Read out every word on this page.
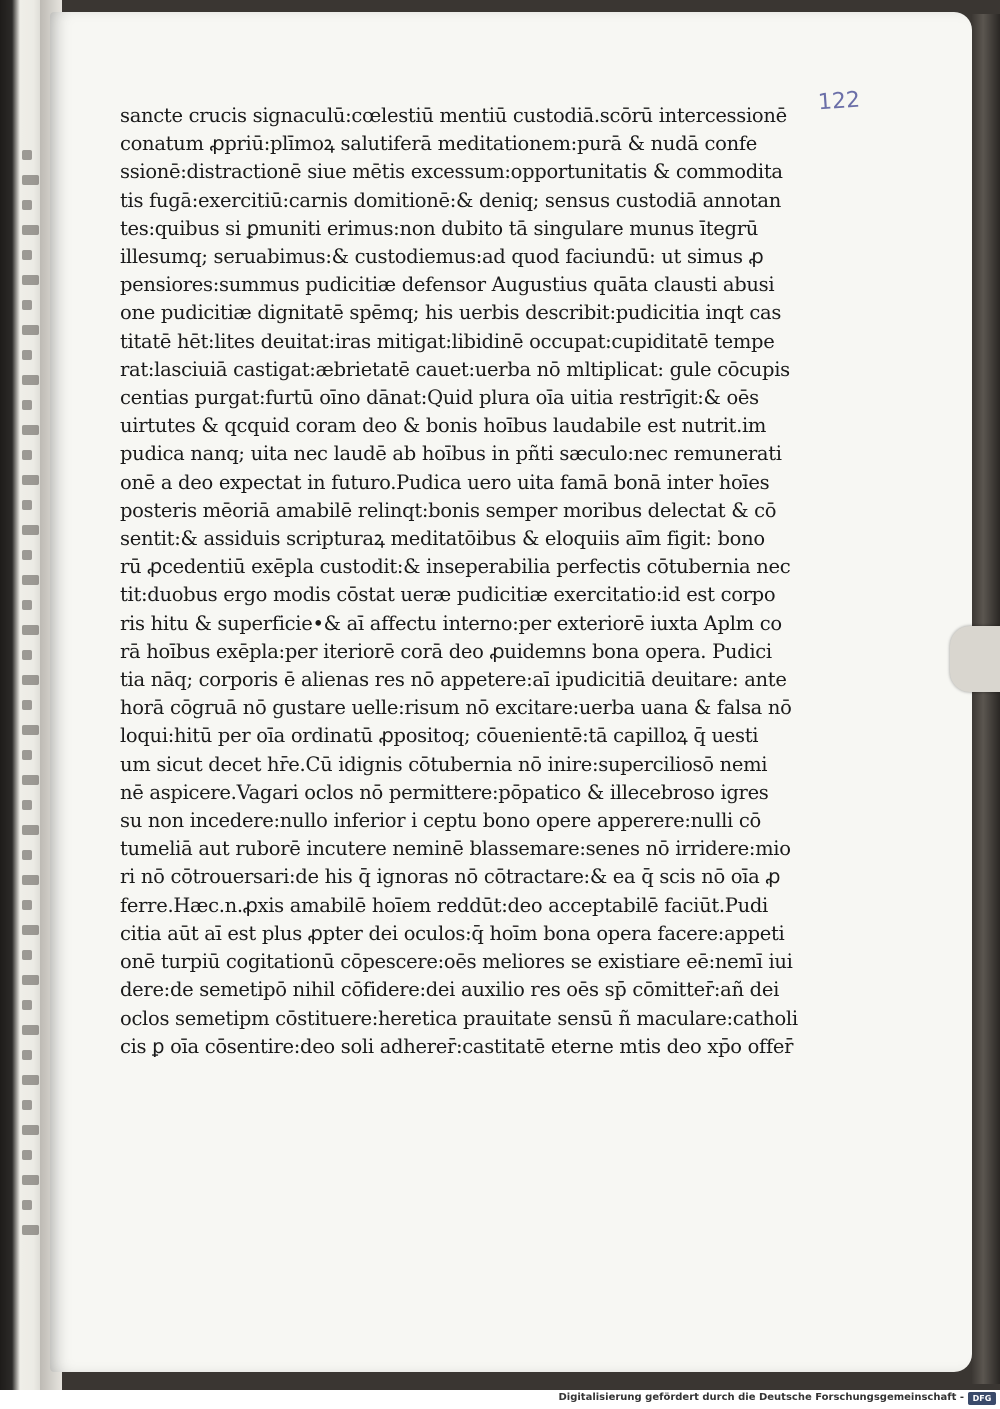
122
sancte crucis signaculū:cœlestiū mentiū custodiā.scōrū intercessionē
conatum ꝓpriū:plīmoꝝ salutiferā meditationem:purā & nudā confe
ssionē:distractionē siue mētis excessum:opportunitatis & commodita
tis fugā:exercitiū:carnis domitionē:& deniq; sensus custodiā annotan
tes:quibus si ꝑmuniti erimus:non dubito tā singulare munus ītegrū
illesumq; seruabimus:& custodiemus:ad quod faciundū: ut simus ꝓ
pensiores:summus pudicitiæ defensor Augustius quāta clausti abusi
one pudicitiæ dignitatē spēmq; his uerbis describit:pudicitia inqt cas
titatē hēt:lites deuitat:iras mitigat:libidinē occupat:cupiditatē tempe
rat:lasciuiā castigat:æbrietatē cauet:uerba nō mltiplicat: gule cōcupis
centias purgat:furtū oīno dānat:Quid plura oīa uitia restrīgit:& oēs
uirtutes & qcquid coram deo & bonis hoībus laudabile est nutrit.im
pudica nanq; uita nec laudē ab hoībus in pñti sæculo:nec remunerati
onē a deo expectat in futuro.Pudica uero uita famā bonā inter hoīes
posteris mēoriā amabilē relinqt:bonis semper moribus delectat & cō
sentit:& assiduis scripturaꝝ meditatōibus & eloquiis aīm figit: bono
rū ꝓcedentiū exēpla custodit:& inseperabilia perfectis cōtubernia nec
tit:duobus ergo modis cōstat ueræ pudicitiæ exercitatio:id est corpo
ris hitu & superficie•& aī affectu interno:per exteriorē iuxta Aplm co
rā hoībus exēpla:per iteriorē corā deo ꝓuidemns bona opera. Pudici
tia nāq; corporis ē alienas res nō appetere:aī ipudicitiā deuitare: ante
horā cōgruā nō gustare uelle:risum nō excitare:uerba uana & falsa nō
loqui:hitū per oīa ordinatū ꝓpositoq; cōuenientē:tā capilloꝝ q̄ uesti
um sicut decet hr̄e.Cū idignis cōtubernia nō inire:superciliosō nemi
nē aspicere.Vagari oclos nō permittere:pōpatico & illecebroso igres
su non incedere:nullo inferior i ceptu bono opere apperere:nulli cō
tumeliā aut ruborē incutere neminē blassemare:senes nō irridere:mio
ri nō cōtrouersari:de his q̄ ignoras nō cōtractare:& ea q̄ scis nō oīa ꝓ
ferre.Hæc.n.ꝓxis amabilē hoīem reddūt:deo acceptabilē faciūt.Pudi
citia aūt aī est plus ꝓpter dei oculos:q̄ hoīm bona opera facere:appeti
onē turpiū cogitationū cōpescere:oēs meliores se existiare eē:nemī iui
dere:de semetipō nihil cōfidere:dei auxilio res oēs sp̄ cōmitter̄:añ dei
oclos semetipm cōstituere:heretica prauitate sensū ñ maculare:catholi
cis ꝑ oīa cōsentire:deo soli adherer̄:castitatē eterne mtis deo xp̄o offer̄
Digitalisierung gefördert durch die Deutsche Forschungsgemeinschaft -	DFG
